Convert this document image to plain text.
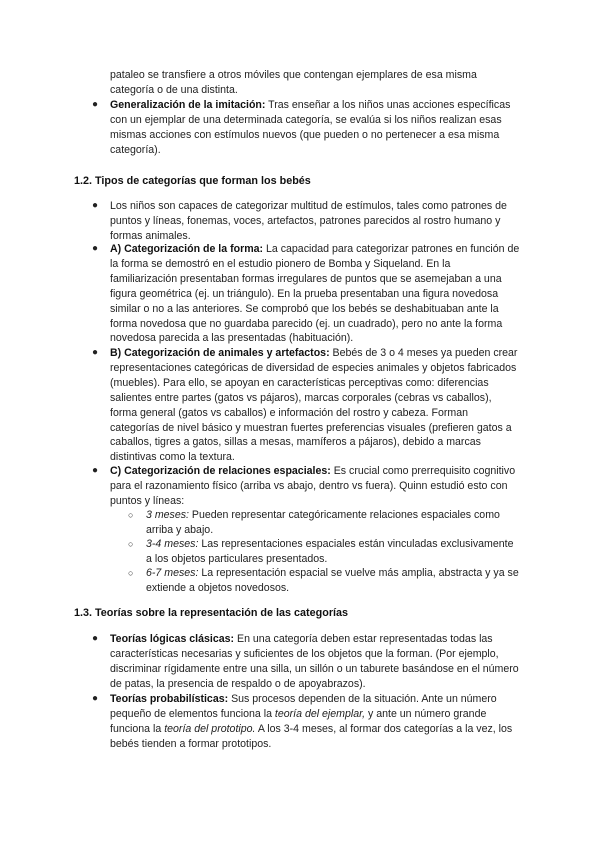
pataleo se transfiere a otros móviles que contengan ejemplares de esa misma categoría o de una distinta.

●	Generalización de la imitación: Tras enseñar a los niños unas acciones específicas con un ejemplar de una determinada categoría, se evalúa si los niños realizan esas mismas acciones con estímulos nuevos (que pueden o no pertenecer a esa misma categoría).
1.2. Tipos de categorías que forman los bebés
●	Los niños son capaces de categorizar multitud de estímulos, tales como patrones de puntos y líneas, fonemas, voces, artefactos, patrones parecidos al rostro humano y formas animales.
●	A) Categorización de la forma: La capacidad para categorizar patrones en función de la forma se demostró en el estudio pionero de Bomba y Siqueland. En la familiarización presentaban formas irregulares de puntos que se asemejaban a una figura geométrica (ej. un triángulo). En la prueba presentaban una figura novedosa similar o no a las anteriores. Se comprobó que los bebés se deshabituaban ante la forma novedosa que no guardaba parecido (ej. un cuadrado), pero no ante la forma novedosa parecida a las presentadas (habituación).
●	B) Categorización de animales y artefactos: Bebés de 3 o 4 meses ya pueden crear representaciones categóricas de diversidad de especies animales y objetos fabricados (muebles). Para ello, se apoyan en características perceptivas como: diferencias salientes entre partes (gatos vs pájaros), marcas corporales (cebras vs caballos), forma general (gatos vs caballos) e información del rostro y cabeza. Forman categorías de nivel básico y muestran fuertes preferencias visuales (prefieren gatos a caballos, tigres a gatos, sillas a mesas, mamíferos a pájaros), debido a marcas distintivas como la textura.
●	C) Categorización de relaciones espaciales: Es crucial como prerrequisito cognitivo para el razonamiento físico (arriba vs abajo, dentro vs fuera). Quinn estudió esto con puntos y líneas:
○ 3 meses: Pueden representar categóricamente relaciones espaciales como arriba y abajo.
○ 3-4 meses: Las representaciones espaciales están vinculadas exclusivamente a los objetos particulares presentados.
○ 6-7 meses: La representación espacial se vuelve más amplia, abstracta y ya se extiende a objetos novedosos.
1.3. Teorías sobre la representación de las categorías
●	Teorías lógicas clásicas: En una categoría deben estar representadas todas las características necesarias y suficientes de los objetos que la forman. (Por ejemplo, discriminar rígidamente entre una silla, un sillón o un taburete basándose en el número de patas, la presencia de respaldo o de apoyabrazos).
●	Teorías probabilísticas: Sus procesos dependen de la situación. Ante un número pequeño de elementos funciona la teoría del ejemplar, y ante un número grande funciona la teoría del prototipo. A los 3-4 meses, al formar dos categorías a la vez, los bebés tienden a formar prototipos.
